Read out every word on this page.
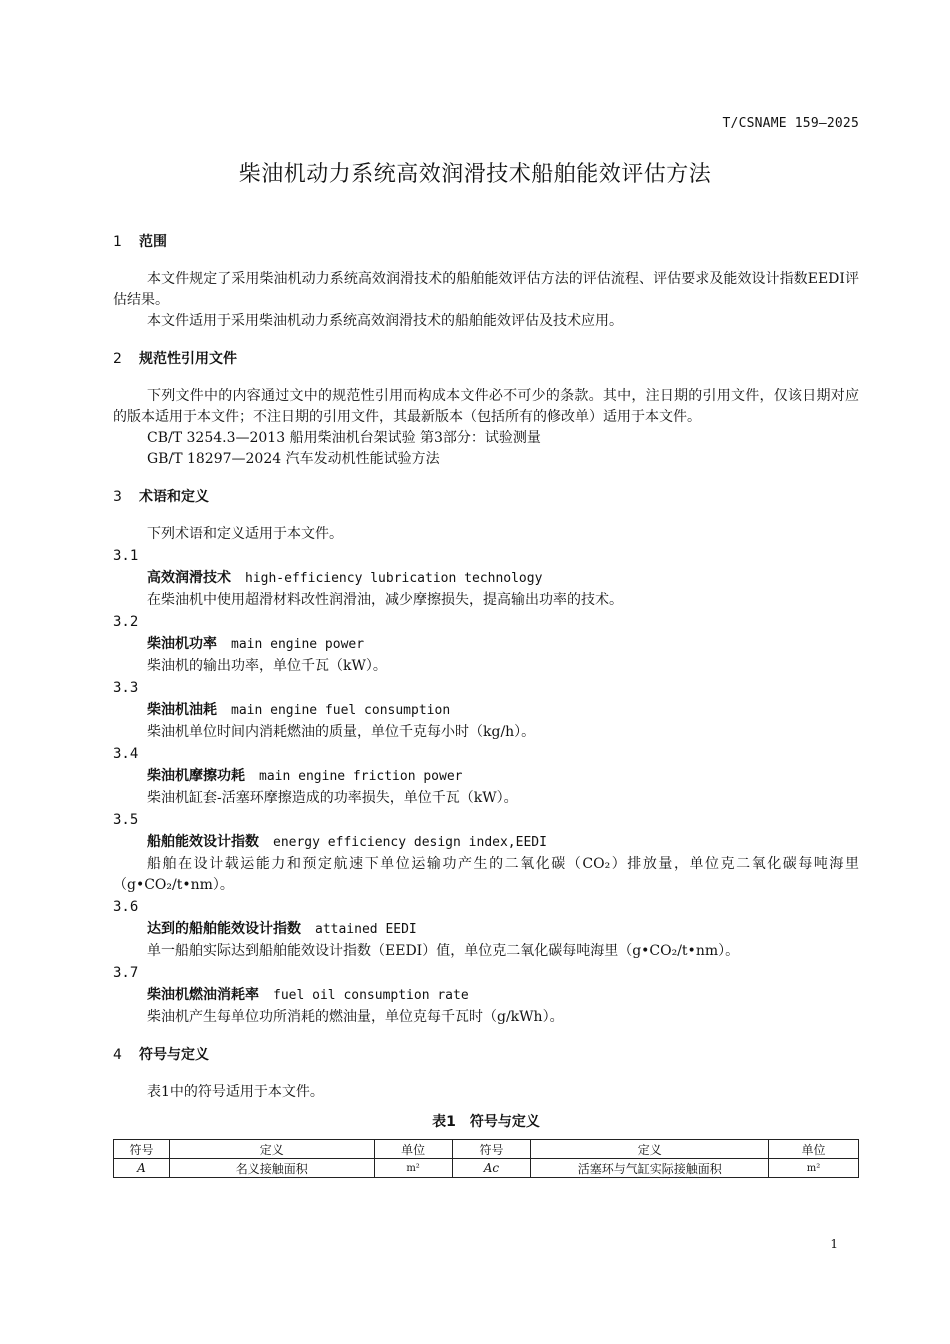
T/CSNAME 159—2025
柴油机动力系统高效润滑技术船舶能效评估方法
1 范围

本文件规定了采用柴油机动力系统高效润滑技术的船舶能效评估方法的评估流程、评估要求及能效设计指数EEDI评估结果。

本文件适用于采用柴油机动力系统高效润滑技术的船舶能效评估及技术应用。

2 规范性引用文件

下列文件中的内容通过文中的规范性引用而构成本文件必不可少的条款。其中，注日期的引用文件，仅该日期对应的版本适用于本文件；不注日期的引用文件，其最新版本（包括所有的修改单）适用于本文件。

CB/T 3254.3—2013 船用柴油机台架试验 第3部分：试验测量

GB/T 18297—2024 汽车发动机性能试验方法

3 术语和定义

下列术语和定义适用于本文件。

3.1

高效润滑技术 high-efficiency lubrication technology

在柴油机中使用超滑材料改性润滑油，减少摩擦损失，提高输出功率的技术。

3.2

柴油机功率 main engine power

柴油机的输出功率，单位千瓦（kW）。

3.3

柴油机油耗 main engine fuel consumption

柴油机单位时间内消耗燃油的质量，单位千克每小时（kg/h）。

3.4

柴油机摩擦功耗 main engine friction power

柴油机缸套-活塞环摩擦造成的功率损失，单位千瓦（kW）。

3.5

船舶能效设计指数 energy efficiency design index,EEDI

船舶在设计载运能力和预定航速下单位运输功产生的二氧化碳（CO₂）排放量，单位克二氧化碳每吨海里（g•CO₂/t•nm）。

3.6

达到的船舶能效设计指数 attained EEDI

单一船舶实际达到船舶能效设计指数（EEDI）值，单位克二氧化碳每吨海里（g•CO₂/t•nm）。

3.7

柴油机燃油消耗率 fuel oil consumption rate

柴油机产生每单位功所消耗的燃油量，单位克每千瓦时（g/kWh）。

4 符号与定义

表1中的符号适用于本文件。

表1　符号与定义
符号	定义	单位	符号	定义	单位
A	名义接触面积	m²	Ac	活塞环与气缸实际接触面积	m²
1
